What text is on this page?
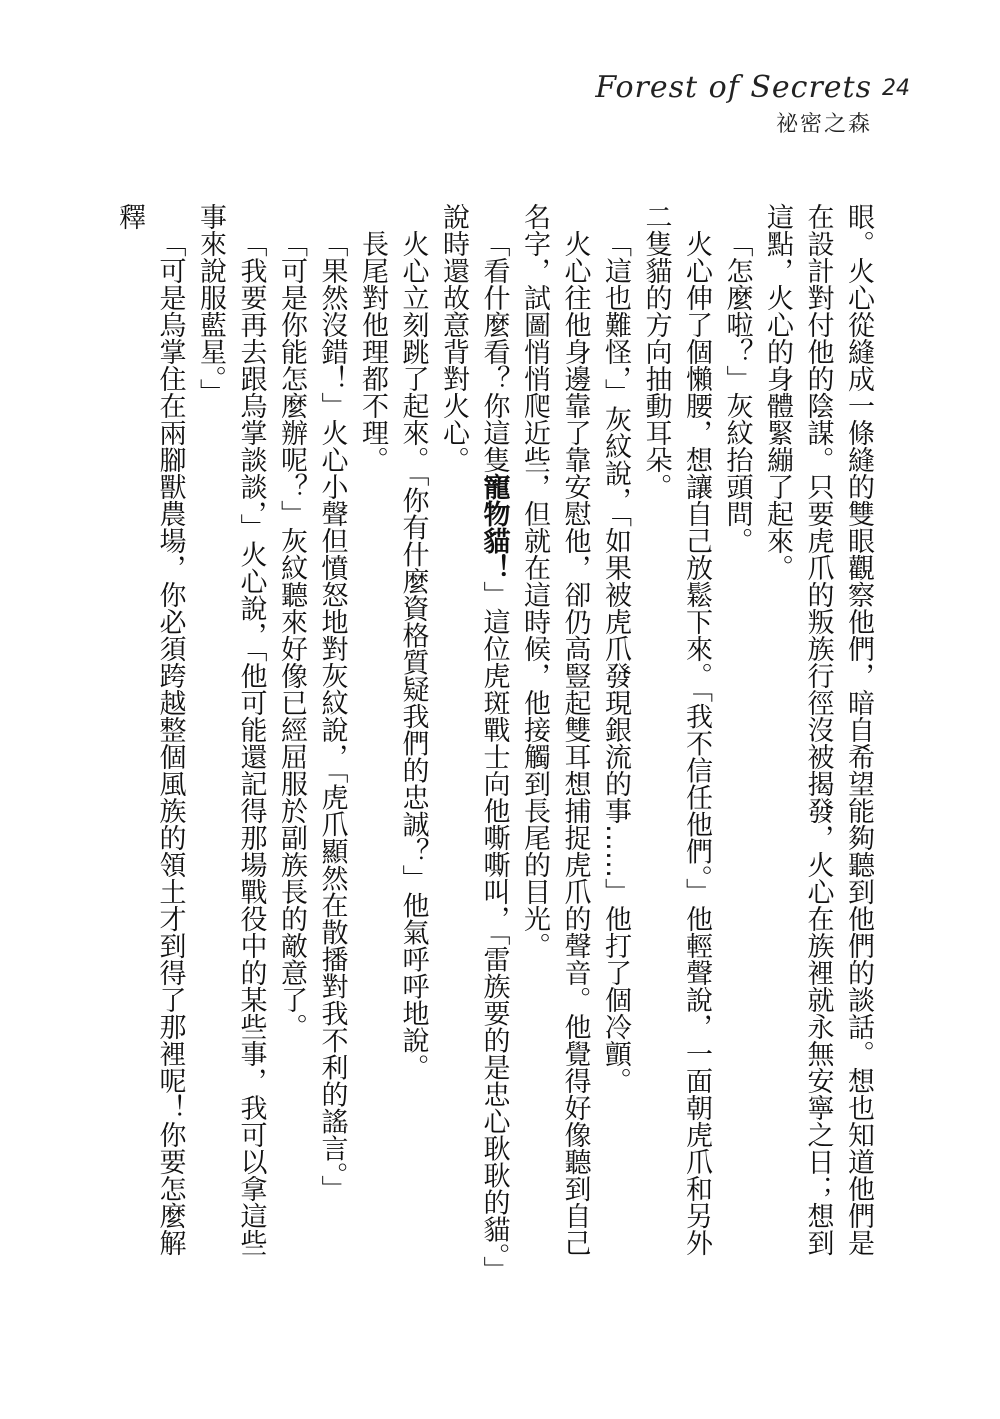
Forest of Secrets 24
祕密之森

眼。火心從縫成一條縫的雙眼觀察他們，暗自希望能夠聽到他們的談話。想也知道他們是在設計對付他的陰謀。只要虎爪的叛族行徑沒被揭發，火心在族裡就永無安寧之日；想到這點，火心的身體緊繃了起來。

「怎麼啦？」灰紋抬頭問。

火心伸了個懶腰，想讓自己放鬆下來。「我不信任他們。」他輕聲說，一面朝虎爪和另外二隻貓的方向抽動耳朵。

「這也難怪，」灰紋說，「如果被虎爪發現銀流的事……」他打了個冷顫。

火心往他身邊靠了靠安慰他，卻仍高豎起雙耳想捕捉虎爪的聲音。他覺得好像聽到自己名字，試圖悄悄爬近些，但就在這時候，他接觸到長尾的目光。

「看什麼看？你這隻寵物貓！」這位虎斑戰士向他嘶嘶叫，「雷族要的是忠心耿耿的貓。」說時還故意背對火心。

火心立刻跳了起來。「你有什麼資格質疑我們的忠誠？」他氣呼呼地說。

長尾對他理都不理。

「果然沒錯！」火心小聲但憤怒地對灰紋說，「虎爪顯然在散播對我不利的謠言。」

「可是你能怎麼辦呢？」灰紋聽來好像已經屈服於副族長的敵意了。

「我要再去跟烏掌談談，」火心說，「他可能還記得那場戰役中的某些事，我可以拿這些事來說服藍星。」

「可是烏掌住在兩腳獸農場，你必須跨越整個風族的領土才到得了那裡呢！你要怎麼解釋
